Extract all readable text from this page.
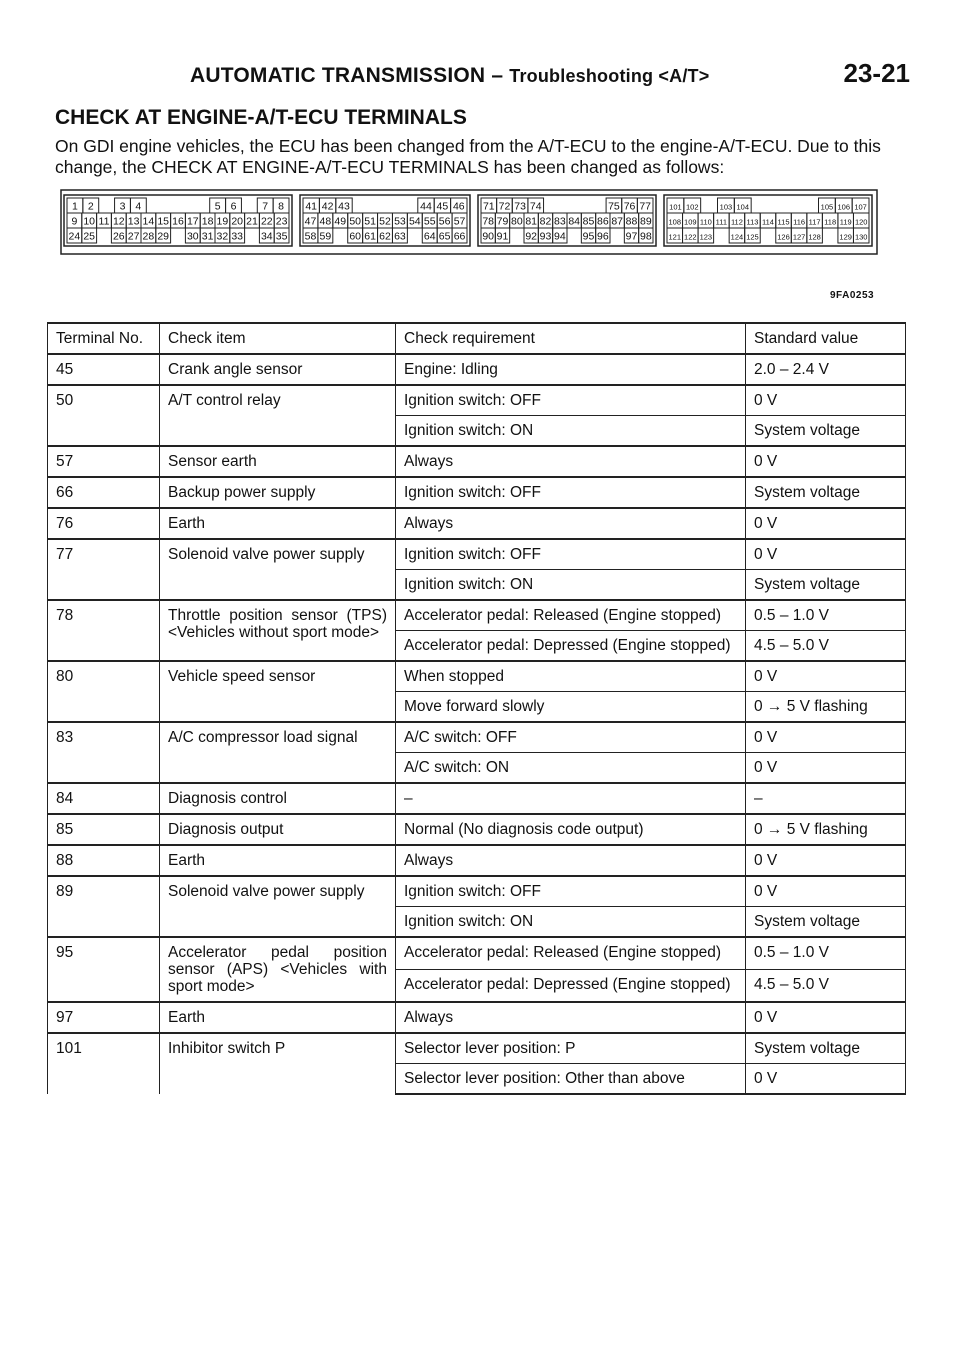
AUTOMATIC TRANSMISSION – Troubleshooting <A/T>	23-21
CHECK AT ENGINE-A/T-ECU TERMINALS
On GDI engine vehicles, the ECU has been changed from the A/T-ECU to the engine-A/T-ECU. Due to this change, the CHECK AT ENGINE-A/T-ECU TERMINALS has been changed as follows:
1 2 3 4	5 6 7 8
9 10 11 12 13 14 15 16 17 18 19 20 21 22 23
24 25 26 27 28 29 30 31 32 33 34 35
41 42 43	44 45 46
47 48 49 50 51 52 53 54 55 56 57
58 59 60 61 62 63 64 65 66
71 72 73 74	75 76 77
78 79 80 81 82 83 84 85 86 87 88 89
90 91 92 93 94 95 96 97 98
101 102	103 104	105 106 107
108 109 110 111 112 113 114 115 116 117 118 119 120
121 122 123 124 125 126 127 128 129 130
9FA0253
Terminal No.	Check item	Check requirement	Standard value
45	Crank angle sensor	Engine: Idling	2.0 – 2.4 V
50	A/T control relay	Ignition switch: OFF	0 V
		Ignition switch: ON	System voltage
57	Sensor earth	Always	0 V
66	Backup power supply	Ignition switch: OFF	System voltage
76	Earth	Always	0 V
77	Solenoid valve power supply	Ignition switch: OFF	0 V
		Ignition switch: ON	System voltage
78	Throttle position sensor (TPS) <Vehicles without sport mode>	Accelerator pedal: Released (Engine stopped)	0.5 – 1.0 V
		Accelerator pedal: Depressed (Engine stopped)	4.5 – 5.0 V
80	Vehicle speed sensor	When stopped	0 V
		Move forward slowly	0 → 5 V flashing
83	A/C compressor load signal	A/C switch: OFF	0 V
		A/C switch: ON	0 V
84	Diagnosis control	–	–
85	Diagnosis output	Normal (No diagnosis code output)	0 → 5 V flashing
88	Earth	Always	0 V
89	Solenoid valve power supply	Ignition switch: OFF	0 V
		Ignition switch: ON	System voltage
95	Accelerator pedal position sensor (APS) <Vehicles with sport mode>	Accelerator pedal: Released (Engine stopped)	0.5 – 1.0 V
		Accelerator pedal: Depressed (Engine stopped)	4.5 – 5.0 V
97	Earth	Always	0 V
101	Inhibitor switch P	Selector lever position: P	System voltage
		Selector lever position: Other than above	0 V
